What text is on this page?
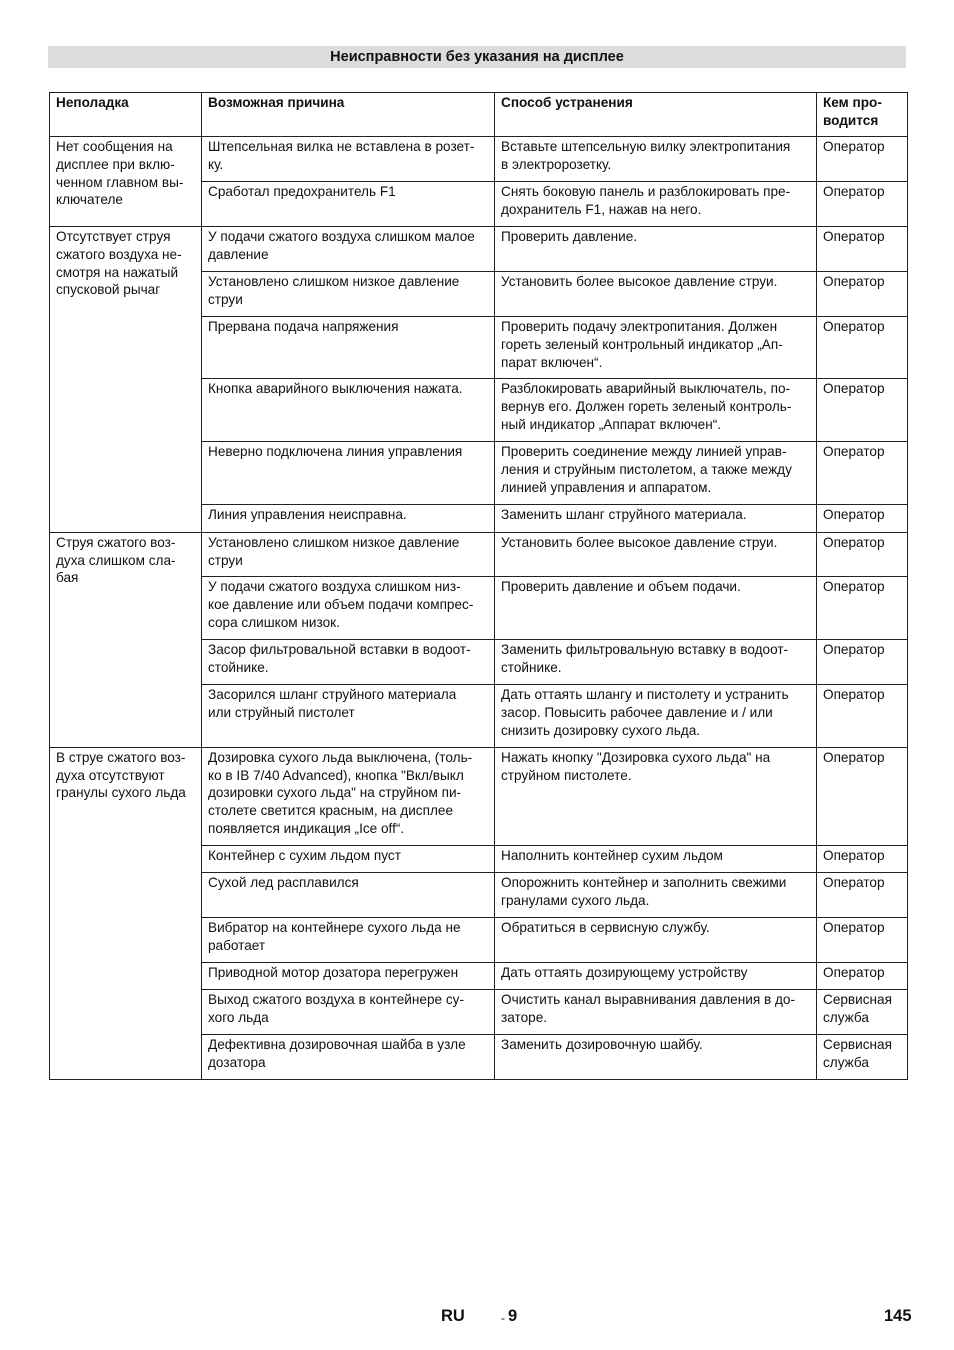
Неисправности без указания на дисплее
Неполадка	Возможная причина	Способ устранения	Кем про-
водится
Нет сообщения на
дисплее при вклю-
ченном главном вы-
ключателе	Штепсельная вилка не вставлена в розет-
ку.	Вставьте штепсельную вилку электропитания
в электророзетку.	Оператор
	Сработал предохранитель F1	Снять боковую панель и разблокировать пре-
дохранитель F1, нажав на него.	Оператор
Отсутствует струя
сжатого воздуха не-
смотря на нажатый
спусковой рычаг	У подачи сжатого воздуха слишком малое
давление	Проверить давление.	Оператор
	Установлено слишком низкое давление
струи	Установить более высокое давление струи.	Оператор
	Прервана подача напряжения	Проверить подачу электропитания. Должен
гореть зеленый контрольный индикатор „Ап-
парат включен“.	Оператор
	Кнопка аварийного выключения нажата.	Разблокировать аварийный выключатель, по-
вернув его. Должен гореть зеленый контроль-
ный индикатор „Аппарат включен“.	Оператор
	Неверно подключена линия управления	Проверить соединение между линией управ-
ления и струйным пистолетом, а также между
линией управления и аппаратом.	Оператор
	Линия управления неисправна.	Заменить шланг струйного материала.	Оператор
Струя сжатого воз-
духа слишком сла-
бая	Установлено слишком низкое давление
струи	Установить более высокое давление струи.	Оператор
	У подачи сжатого воздуха слишком низ-
кое давление или объем подачи компрес-
сора слишком низок.	Проверить давление и объем подачи.	Оператор
	Засор фильтровальной вставки в водоот-
стойнике.	Заменить фильтровальную вставку в водоот-
стойнике.	Оператор
	Засорился шланг струйного материала
или струйный пистолет	Дать оттаять шлангу и пистолету и устранить
засор. Повысить рабочее давление и / или
снизить дозировку сухого льда.	Оператор
В струе сжатого воз-
духа отсутствуют
гранулы сухого льда	Дозировка сухого льда выключена, (толь-
ко в IB 7/40 Advanced), кнопка "Вкл/выкл
дозировки сухого льда" на струйном пи-
столете светится красным, на дисплее
появляется индикация „Ice off“.	Нажать кнопку "Дозировка сухого льда" на
струйном пистолете.	Оператор
	Контейнер с сухим льдом пуст	Наполнить контейнер сухим льдом	Оператор
	Сухой лед расплавился	Опорожнить контейнер и заполнить свежими
гранулами сухого льда.	Оператор
	Вибратор на контейнере сухого льда не
работает	Обратиться в сервисную службу.	Оператор
	Приводной мотор дозатора перегружен	Дать оттаять дозирующему устройству	Оператор
	Выход сжатого воздуха в контейнере су-
хого льда	Очистить канал выравнивания давления в до-
заторе.	Сервисная
служба
	Дефективна дозировочная шайба в узле
дозатора	Заменить дозировочную шайбу.	Сервисная
служба
RU	- 9	145
